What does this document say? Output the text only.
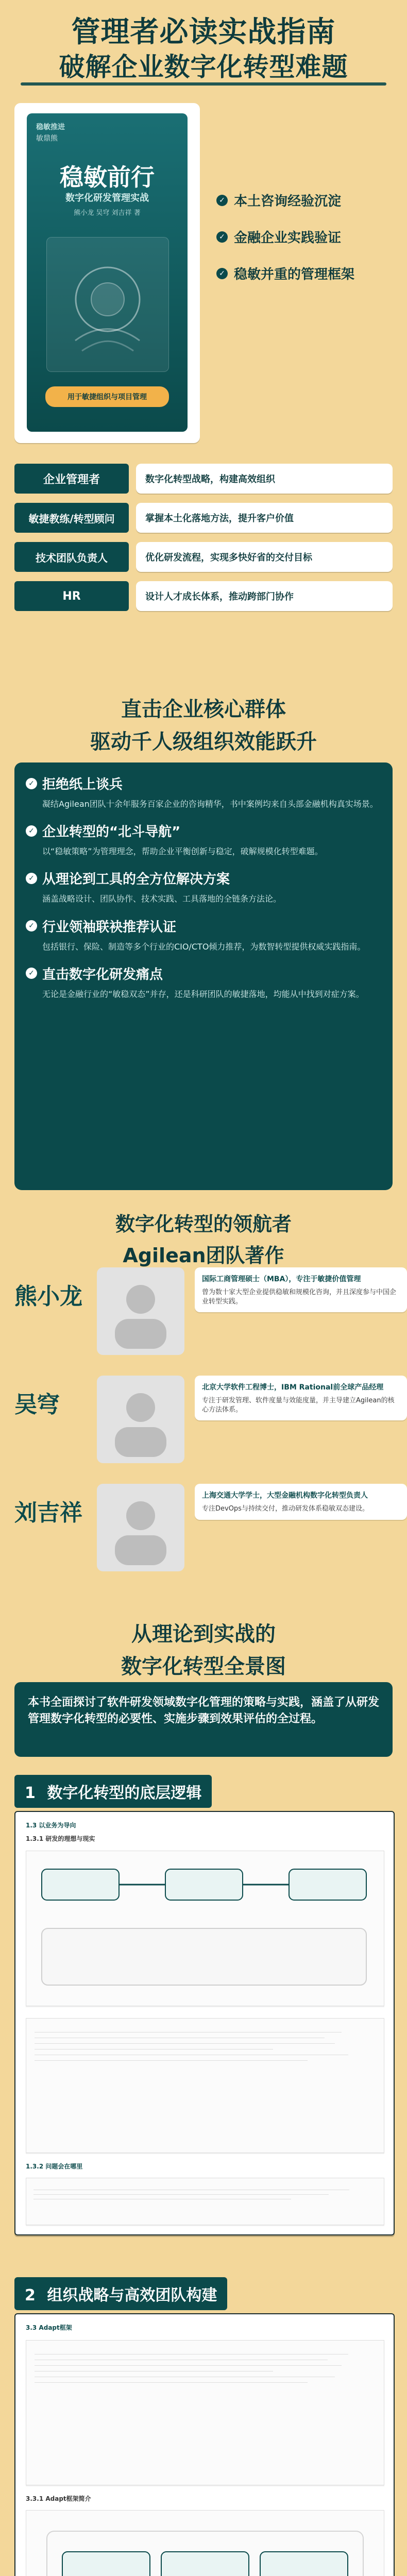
管理者必读实战指南
破解企业数字化转型难题
稳敏推进
敏鼎熊
稳敏前行
数字化研发管理实战
熊小龙 吴穹 刘吉祥 著
用于敏捷组织与项目管理
✓ 本土咨询经验沉淀
✓ 金融企业实践验证
✓ 稳敏并重的管理框架
企业管理者	数字化转型战略，构建高效组织
敏捷教练/转型顾问	掌握本土化落地方法，提升客户价值
技术团队负责人	优化研发流程，实现多快好省的交付目标
HR	设计人才成长体系，推动跨部门协作
直击企业核心群体
驱动千人级组织效能跃升
✓ 拒绝纸上谈兵
凝结Agilean团队十余年服务百家企业的咨询精华，书中案例均来自头部金融机构真实场景。
✓ 企业转型的“北斗导航”
以“稳敏策略”为管理理念，帮助企业平衡创新与稳定，破解规模化转型难题。
✓ 从理论到工具的全方位解决方案
涵盖战略设计、团队协作、技术实践、工具落地的全链条方法论。
✓ 行业领袖联袂推荐认证
包括银行、保险、制造等多个行业的CIO/CTO倾力推荐，为数智转型提供权威实践指南。
✓ 直击数字化研发痛点
无论是金融行业的“敏稳双态”并存，还是科研团队的敏捷落地，均能从中找到对症方案。
数字化转型的领航者
Agilean团队著作
熊小龙
国际工商管理硕士（MBA），专注于敏捷价值管理
曾为数十家大型企业提供稳敏和规模化咨询，并且深度参与中国企业转型实践。
吴穹
北京大学软件工程博士，IBM Rational前全球产品经理
专注于研发管理、软件度量与效能度量，并主导建立Agilean的核心方法体系。
刘吉祥
上海交通大学学士，大型金融机构数字化转型负责人
专注DevOps与持续交付，推动研发体系稳敏双态建设。
从理论到实战的
数字化转型全景图
本书全面探讨了软件研发领域数字化管理的策略与实践，涵盖了从研发管理数字化转型的必要性、实施步骤到效果评估的全过程。
1 数字化转型的底层逻辑
1.3 以业务为导向
1.3.1 研发的理想与现实
1.3.2 问题会在哪里
2 组织战略与高效团队构建
3.3 Adapt框架
3.3.1 Adapt框架简介
